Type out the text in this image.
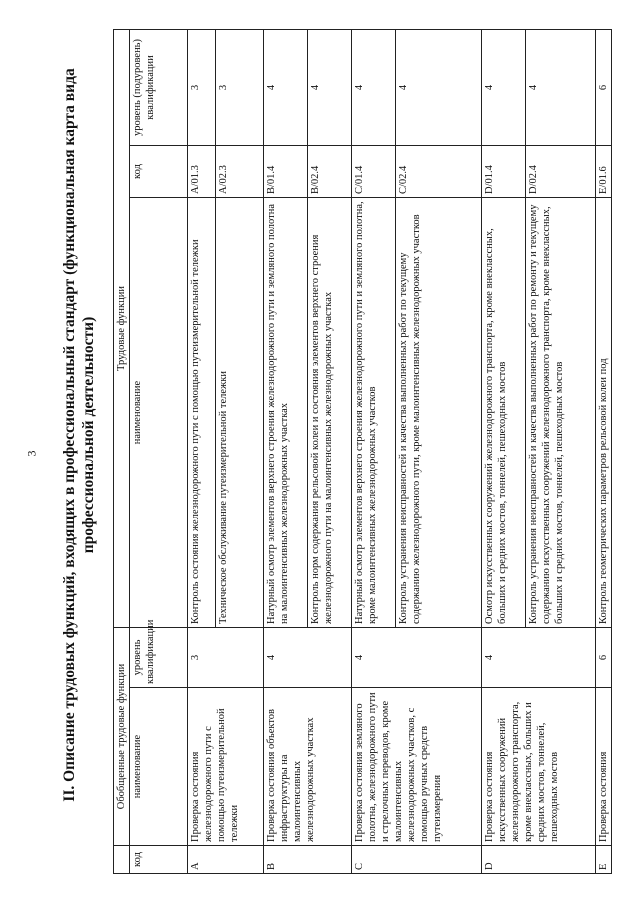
3 II. Описание трудовых функций, входящих в профессиональный стандарт (функциональная карта вида профессиональной деятельности)
	Обобщенные трудовые функции		Трудовые функции		
код	наименование	уровень квалификации	наименование	код	уровень (подуровень) квалификации
A	Проверка состояния железнодорожного пути с помощью путеизмерительной тележки	3	Контроль состояния железнодорожного пути с помощью путеизмерительной тележки	A/01.3	3
			Техническое обслуживание путеизмерительной тележки	A/02.3	3
B	Проверка состояния объектов инфраструктуры на малоинтенсивных железнодорожных участках	4	Натурный осмотр элементов верхнего строения железнодорожного пути и земляного полотна на малоинтенсивных железнодорожных участках	B/01.4	4
			Контроль норм содержания рельсовой колеи и состояния элементов верхнего строения железнодорожного пути на малоинтенсивных железнодорожных участках	B/02.4	4
C	Проверка состояния земляного полотна, железнодорожного пути и стрелочных переводов, кроме малоинтенсивных железнодорожных участков, с помощью ручных средств путеизмерения	4	Натурный осмотр элементов верхнего строения железнодорожного пути и земляного полотна, кроме малоинтенсивных железнодорожных участков	C/01.4	4
			Контроль устранения неисправностей и качества выполненных работ по текущему содержанию железнодорожного пути, кроме малоинтенсивных железнодорожных участков	C/02.4	4
D	Проверка состояния искусственных сооружений железнодорожного транспорта, кроме внеклассных, больших и средних мостов, тоннелей, пешеходных мостов	4	Осмотр искусственных сооружений железнодорожного транспорта, кроме внеклассных, больших и средних мостов, тоннелей, пешеходных мостов	D/01.4	4
			Контроль устранения неисправностей и качества выполненных работ по ремонту и текущему содержанию искусственных сооружений железнодорожного транспорта, кроме внеклассных, больших и средних мостов, тоннелей, пешеходных мостов	D/02.4	4
E	Проверка состояния	6	Контроль геометрических параметров рельсовой колеи под	E/01.6	6
